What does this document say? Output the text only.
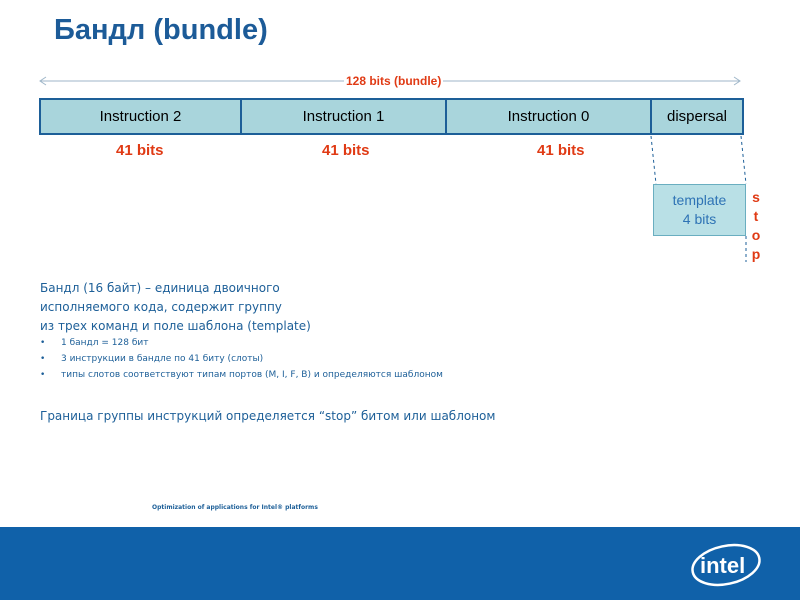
Бандл (bundle)
128 bits (bundle)
Instruction 2	Instruction 1	Instruction 0	dispersal
41 bits	41 bits	41 bits
template
4 bits
s
t
o
p
Бандл (16 байт) – единица двоичного
исполняемого кода, содержит группу
из трех команд и поле шаблона (template)
• 1 бандл = 128 бит
• 3 инструкции в бандле по 41 биту (слоты)
• типы слотов соответствуют типам портов (M, I, F, B) и определяются шаблоном
Граница группы инструкций определяется “stop” битом или шаблоном
Optimization of applications for Intel® platforms
intel
